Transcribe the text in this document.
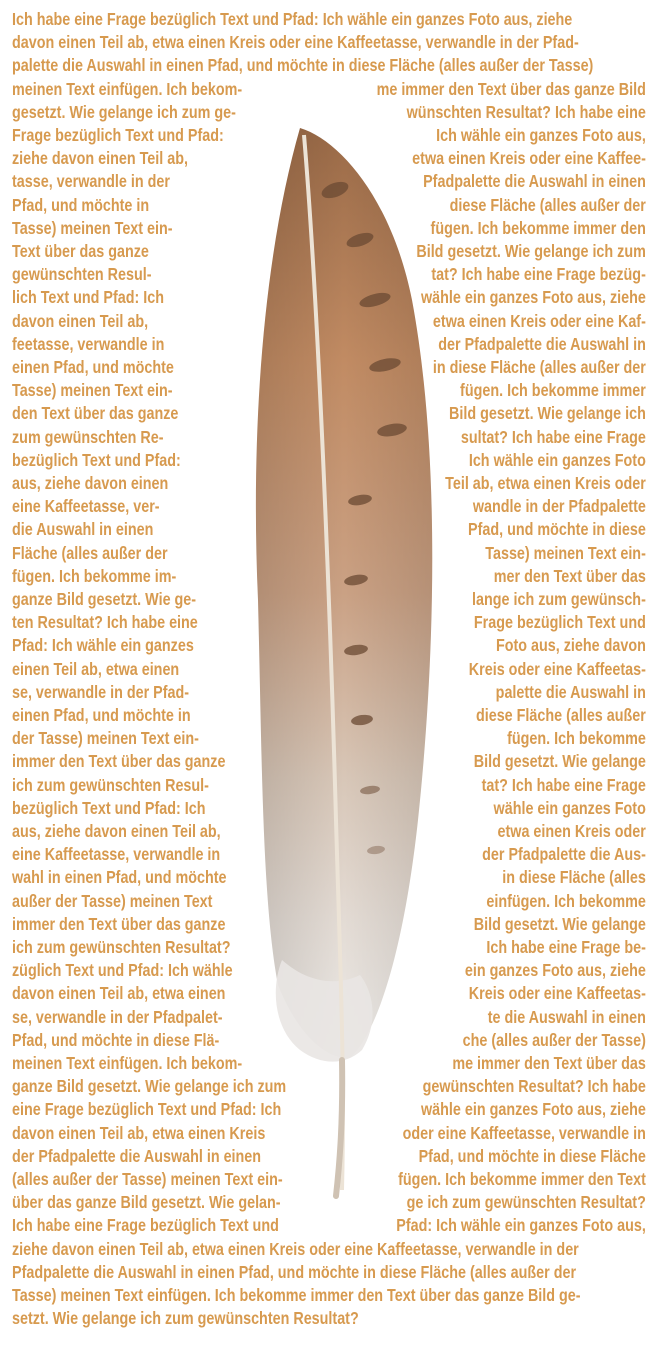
Ich habe eine Frage bezüglich Text und Pfad: Ich wähle ein ganzes Foto aus, ziehe
davon einen Teil ab, etwa einen Kreis oder eine Kaffeetasse, verwandle in der Pfad-
palette die Auswahl in einen Pfad, und möchte in diese Fläche (alles außer der Tasse)
meinen Text einfügen. Ich bekom-	me immer den Text über das ganze Bild
gesetzt. Wie gelange ich zum ge-	wünschten Resultat? Ich habe eine
Frage bezüglich Text und Pfad:	Ich wähle ein ganzes Foto aus,
ziehe davon einen Teil ab,	etwa einen Kreis oder eine Kaffee-
tasse, verwandle in der	Pfadpalette die Auswahl in einen
Pfad, und möchte in	diese Fläche (alles außer der
Tasse) meinen Text ein-	fügen. Ich bekomme immer den
Text über das ganze	Bild gesetzt. Wie gelange ich zum
gewünschten Resul-	tat? Ich habe eine Frage bezüg-
lich Text und Pfad: Ich	wähle ein ganzes Foto aus, ziehe
davon einen Teil ab,	etwa einen Kreis oder eine Kaf-
feetasse, verwandle in	der Pfadpalette die Auswahl in
einen Pfad, und möchte	in diese Fläche (alles außer der
Tasse) meinen Text ein-	fügen. Ich bekomme immer
den Text über das ganze	Bild gesetzt. Wie gelange ich
zum gewünschten Re-	sultat? Ich habe eine Frage
bezüglich Text und Pfad:	Ich wähle ein ganzes Foto
aus, ziehe davon einen	Teil ab, etwa einen Kreis oder
eine Kaffeetasse, ver-	wandle in der Pfadpalette
die Auswahl in einen	Pfad, und möchte in diese
Fläche (alles außer der	Tasse) meinen Text ein-
fügen. Ich bekomme im-	mer den Text über das
ganze Bild gesetzt. Wie ge-	lange ich zum gewünsch-
ten Resultat? Ich habe eine	Frage bezüglich Text und
Pfad: Ich wähle ein ganzes	Foto aus, ziehe davon
einen Teil ab, etwa einen	Kreis oder eine Kaffeetas-
se, verwandle in der Pfad-	palette die Auswahl in
einen Pfad, und möchte in	diese Fläche (alles außer
der Tasse) meinen Text ein-	fügen. Ich bekomme
immer den Text über das ganze	Bild gesetzt. Wie gelange
ich zum gewünschten Resul-	tat? Ich habe eine Frage
bezüglich Text und Pfad: Ich	wähle ein ganzes Foto
aus, ziehe davon einen Teil ab,	etwa einen Kreis oder
eine Kaffeetasse, verwandle in	der Pfadpalette die Aus-
wahl in einen Pfad, und möchte	in diese Fläche (alles
außer der Tasse) meinen Text	einfügen. Ich bekomme
immer den Text über das ganze	Bild gesetzt. Wie gelange
ich zum gewünschten Resultat?	Ich habe eine Frage be-
züglich Text und Pfad: Ich wähle	ein ganzes Foto aus, ziehe
davon einen Teil ab, etwa einen	Kreis oder eine Kaffeetas-
se, verwandle in der Pfadpalet-	te die Auswahl in einen
Pfad, und möchte in diese Flä-	che (alles außer der Tasse)
meinen Text einfügen. Ich bekom-	me immer den Text über das
ganze Bild gesetzt. Wie gelange ich zum	gewünschten Resultat? Ich habe
eine Frage bezüglich Text und Pfad: Ich	wähle ein ganzes Foto aus, ziehe
davon einen Teil ab, etwa einen Kreis	oder eine Kaffeetasse, verwandle in
der Pfadpalette die Auswahl in einen	Pfad, und möchte in diese Fläche
(alles außer der Tasse) meinen Text ein-	fügen. Ich bekomme immer den Text
über das ganze Bild gesetzt. Wie gelan-	ge ich zum gewünschten Resultat?
Ich habe eine Frage bezüglich Text und	Pfad: Ich wähle ein ganzes Foto aus,
ziehe davon einen Teil ab, etwa einen Kreis oder eine Kaffeetasse, verwandle in der
Pfadpalette die Auswahl in einen Pfad, und möchte in diese Fläche (alles außer der
Tasse) meinen Text einfügen. Ich bekomme immer den Text über das ganze Bild ge-
setzt. Wie gelange ich zum gewünschten Resultat?
